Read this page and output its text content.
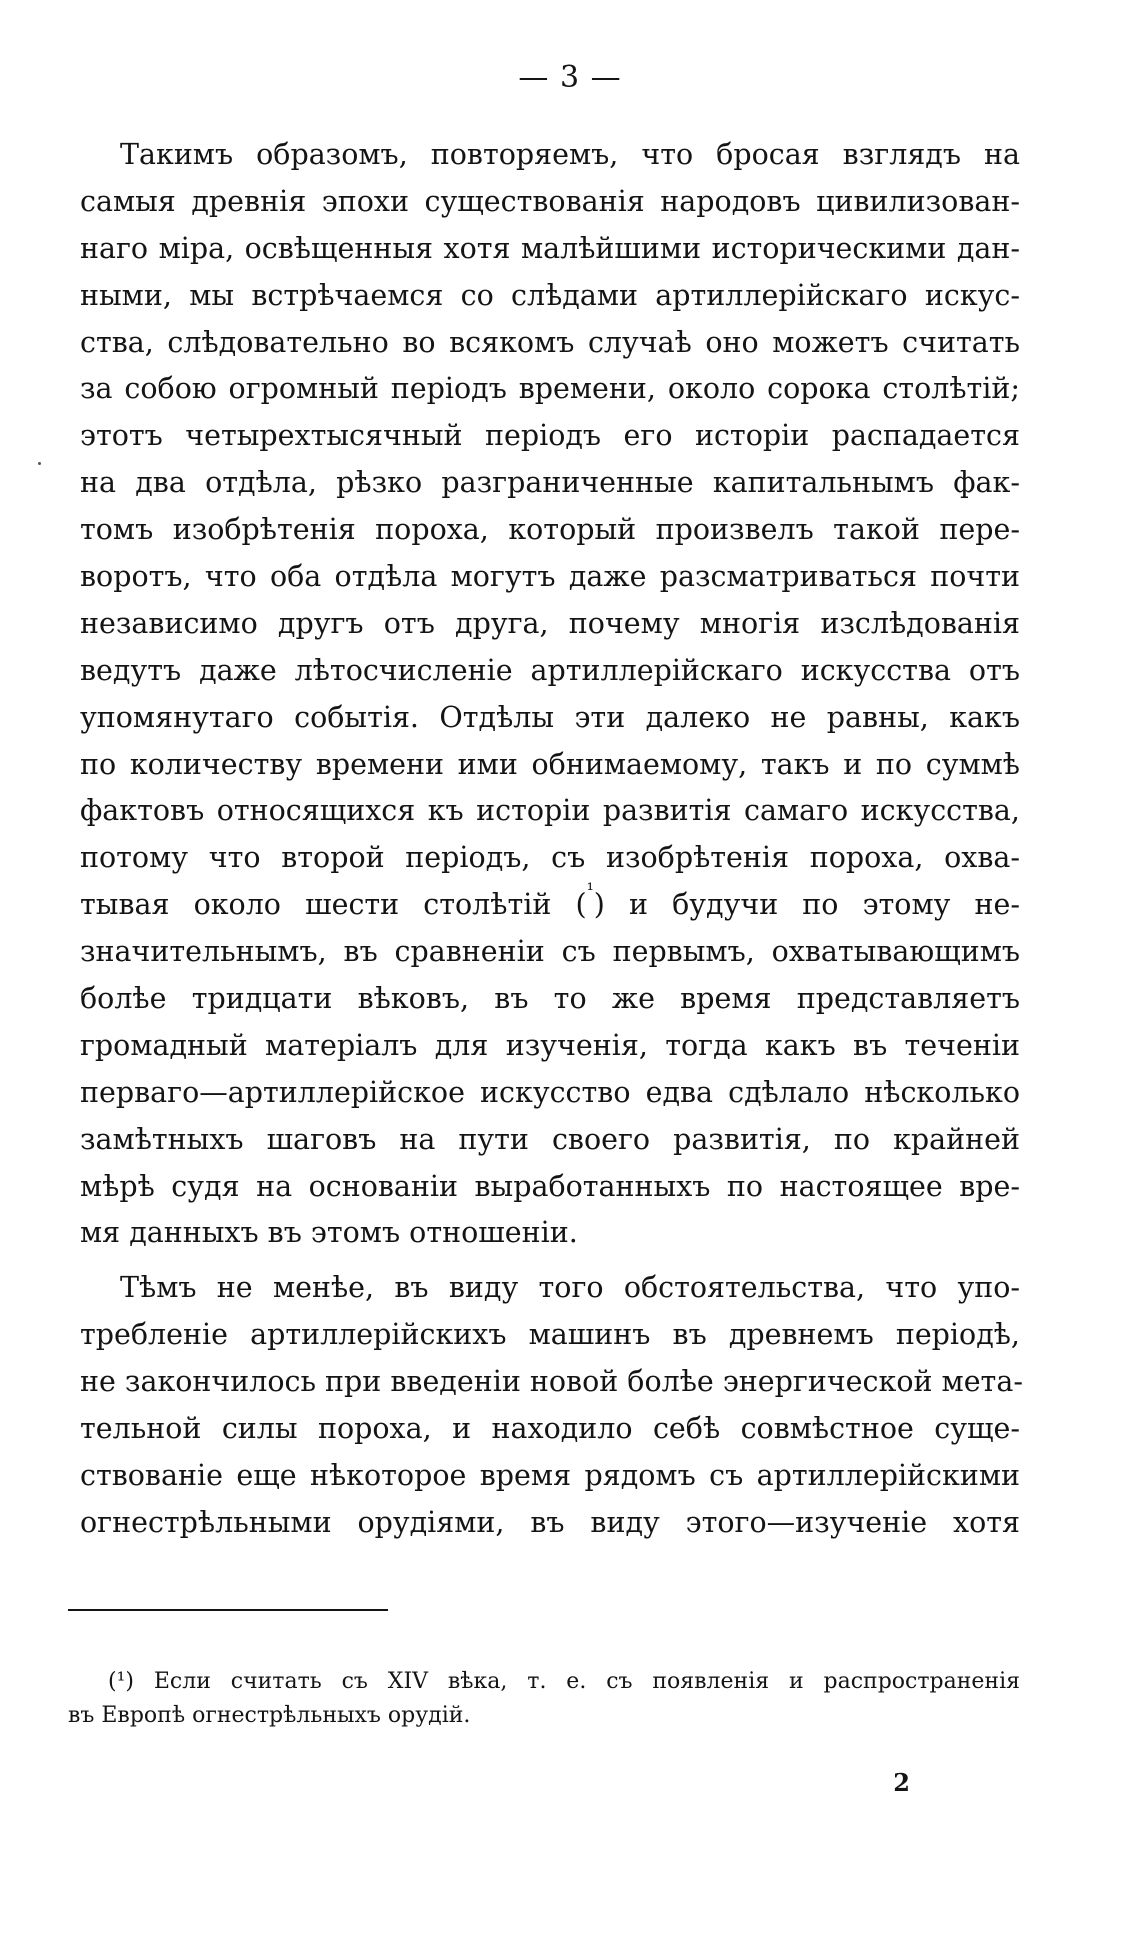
— 3 —
Такимъ образомъ, повторяемъ, что бросая взглядъ на
самыя древнія эпохи существованія народовъ цивилизован-
наго міра, освѣщенныя хотя малѣйшими историческими дан-
ными, мы встрѣчаемся со слѣдами артиллерійскаго искус-
ства, слѣдовательно во всякомъ случаѣ оно можетъ считать
за собою огромный періодъ времени, около сорока столѣтій;
этотъ четырехтысячный періодъ его исторіи распадается
на два отдѣла, рѣзко разграниченные капитальнымъ фак-
томъ изобрѣтенія пороха, который произвелъ такой пере-
воротъ, что оба отдѣла могутъ даже разсматриваться почти
независимо другъ отъ друга, почему многія изслѣдованія
ведутъ даже лѣтосчисленіе артиллерійскаго искусства отъ
упомянутаго событія. Отдѣлы эти далеко не равны, какъ
по количеству времени ими обнимаемому, такъ и по суммѣ
фактовъ относящихся къ исторіи развитія самаго искусства,
потому что второй періодъ, съ изобрѣтенія пороха, охва-
тывая около шести столѣтій ($^{^1}$) и будучи по этому не-
значительнымъ, въ сравненіи съ первымъ, охватывающимъ
болѣе тридцати вѣковъ, въ то же время представляетъ
громадный матеріалъ для изученія, тогда какъ въ теченіи
перваго—артиллерійское искусство едва сдѣлало нѣсколько
замѣтныхъ шаговъ на пути своего развитія, по крайней
мѣрѣ судя на основаніи выработанныхъ по настоящее вре-
мя данныхъ въ этомъ отношеніи.
Тѣмъ не менѣе, въ виду того обстоятельства, что упо-
требленіе артиллерійскихъ машинъ въ древнемъ періодѣ,
не закончилось при введеніи новой болѣе энергической мета-
тельной силы пороха, и находило себѣ совмѣстное суще-
ствованіе еще нѣкоторое время рядомъ съ артиллерійскими
огнестрѣльными орудіями, въ виду этого—изученіе хотя
(¹) Если считать съ XIV вѣка, т. е. съ появленія и распространенія
въ Европѣ огнестрѣльныхъ орудій.
2
